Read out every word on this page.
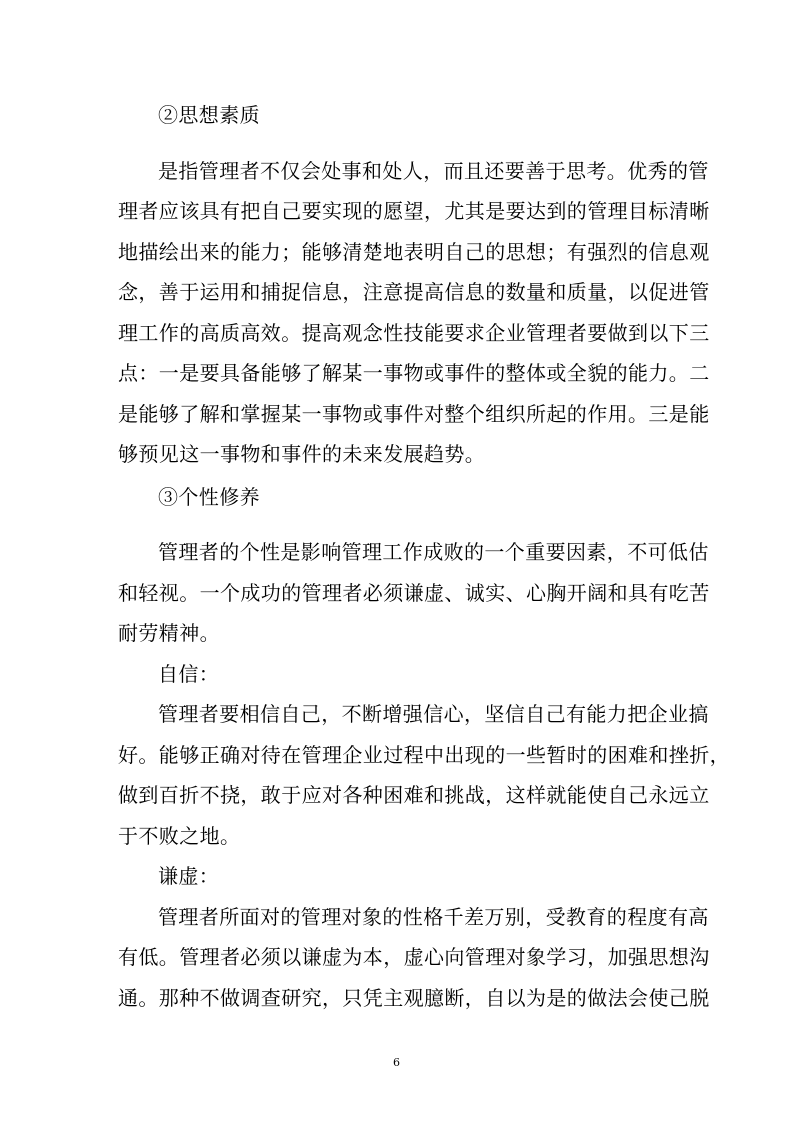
②思想素质
是指管理者不仅会处事和处人，而且还要善于思考。优秀的管
理者应该具有把自己要实现的愿望，尤其是要达到的管理目标清晰
地描绘出来的能力；能够清楚地表明自己的思想；有强烈的信息观
念，善于运用和捕捉信息，注意提高信息的数量和质量，以促进管
理工作的高质高效。提高观念性技能要求企业管理者要做到以下三
点：一是要具备能够了解某一事物或事件的整体或全貌的能力。二
是能够了解和掌握某一事物或事件对整个组织所起的作用。三是能
够预见这一事物和事件的未来发展趋势。
③个性修养
管理者的个性是影响管理工作成败的一个重要因素，不可低估
和轻视。一个成功的管理者必须谦虚、诚实、心胸开阔和具有吃苦
耐劳精神。
自信：
管理者要相信自己，不断增强信心，坚信自己有能力把企业搞
好。能够正确对待在管理企业过程中出现的一些暂时的困难和挫折，
做到百折不挠，敢于应对各种困难和挑战，这样就能使自己永远立
于不败之地。
谦虚：
管理者所面对的管理对象的性格千差万别，受教育的程度有高
有低。管理者必须以谦虚为本，虚心向管理对象学习，加强思想沟
通。那种不做调查研究，只凭主观臆断，自以为是的做法会使己脱
6
